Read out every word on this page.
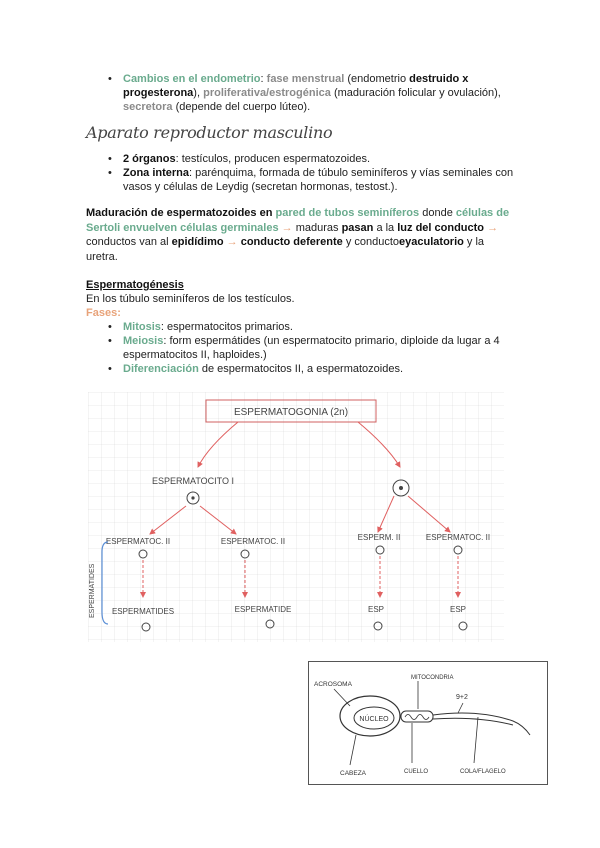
• Cambios en el endometrio: fase menstrual (endometrio destruido x progesterona), proliferativa/estrogénica (maduración folicular y ovulación), secretora (depende del cuerpo lúteo).
Aparato reproductor masculino
• 2 órganos: testículos, producen espermatozoides.
• Zona interna: parénquima, formada de túbulo seminíferos y vías seminales con vasos y células de Leydig (secretan hormonas, testost.).
Maduración de espermatozoides en pared de tubos seminíferos donde células de Sertoli envuelven células germinales → maduras pasan a la luz del conducto → conductos van al epidídimo → conducto deferente y conductoeyaculatorio y la uretra.
Espermatogénesis
En los túbulo seminíferos de los testículos.
Fases:
• Mitosis: espermatocitos primarios.
• Meiosis: form espermátides (un espermatocito primario, diploide da lugar a 4 espermatocitos II, haploides.)
• Diferenciación de espermatocitos II, a espermatozoides.
ESPERMATOGONIA (2n)
ESPERMATOCITO I
ESPERMATOC. II	ESPERMATOC. II	ESPERM. II	ESPERMATOC. II
ESPERMATIDES	ESPERMATIDE	ESP	ESP
ESPERMATIDES
NÚCLEO
ACROSOMA
MITOCONDRIA
9+2
CABEZA	CUELLO	COLA/FLAGELO
